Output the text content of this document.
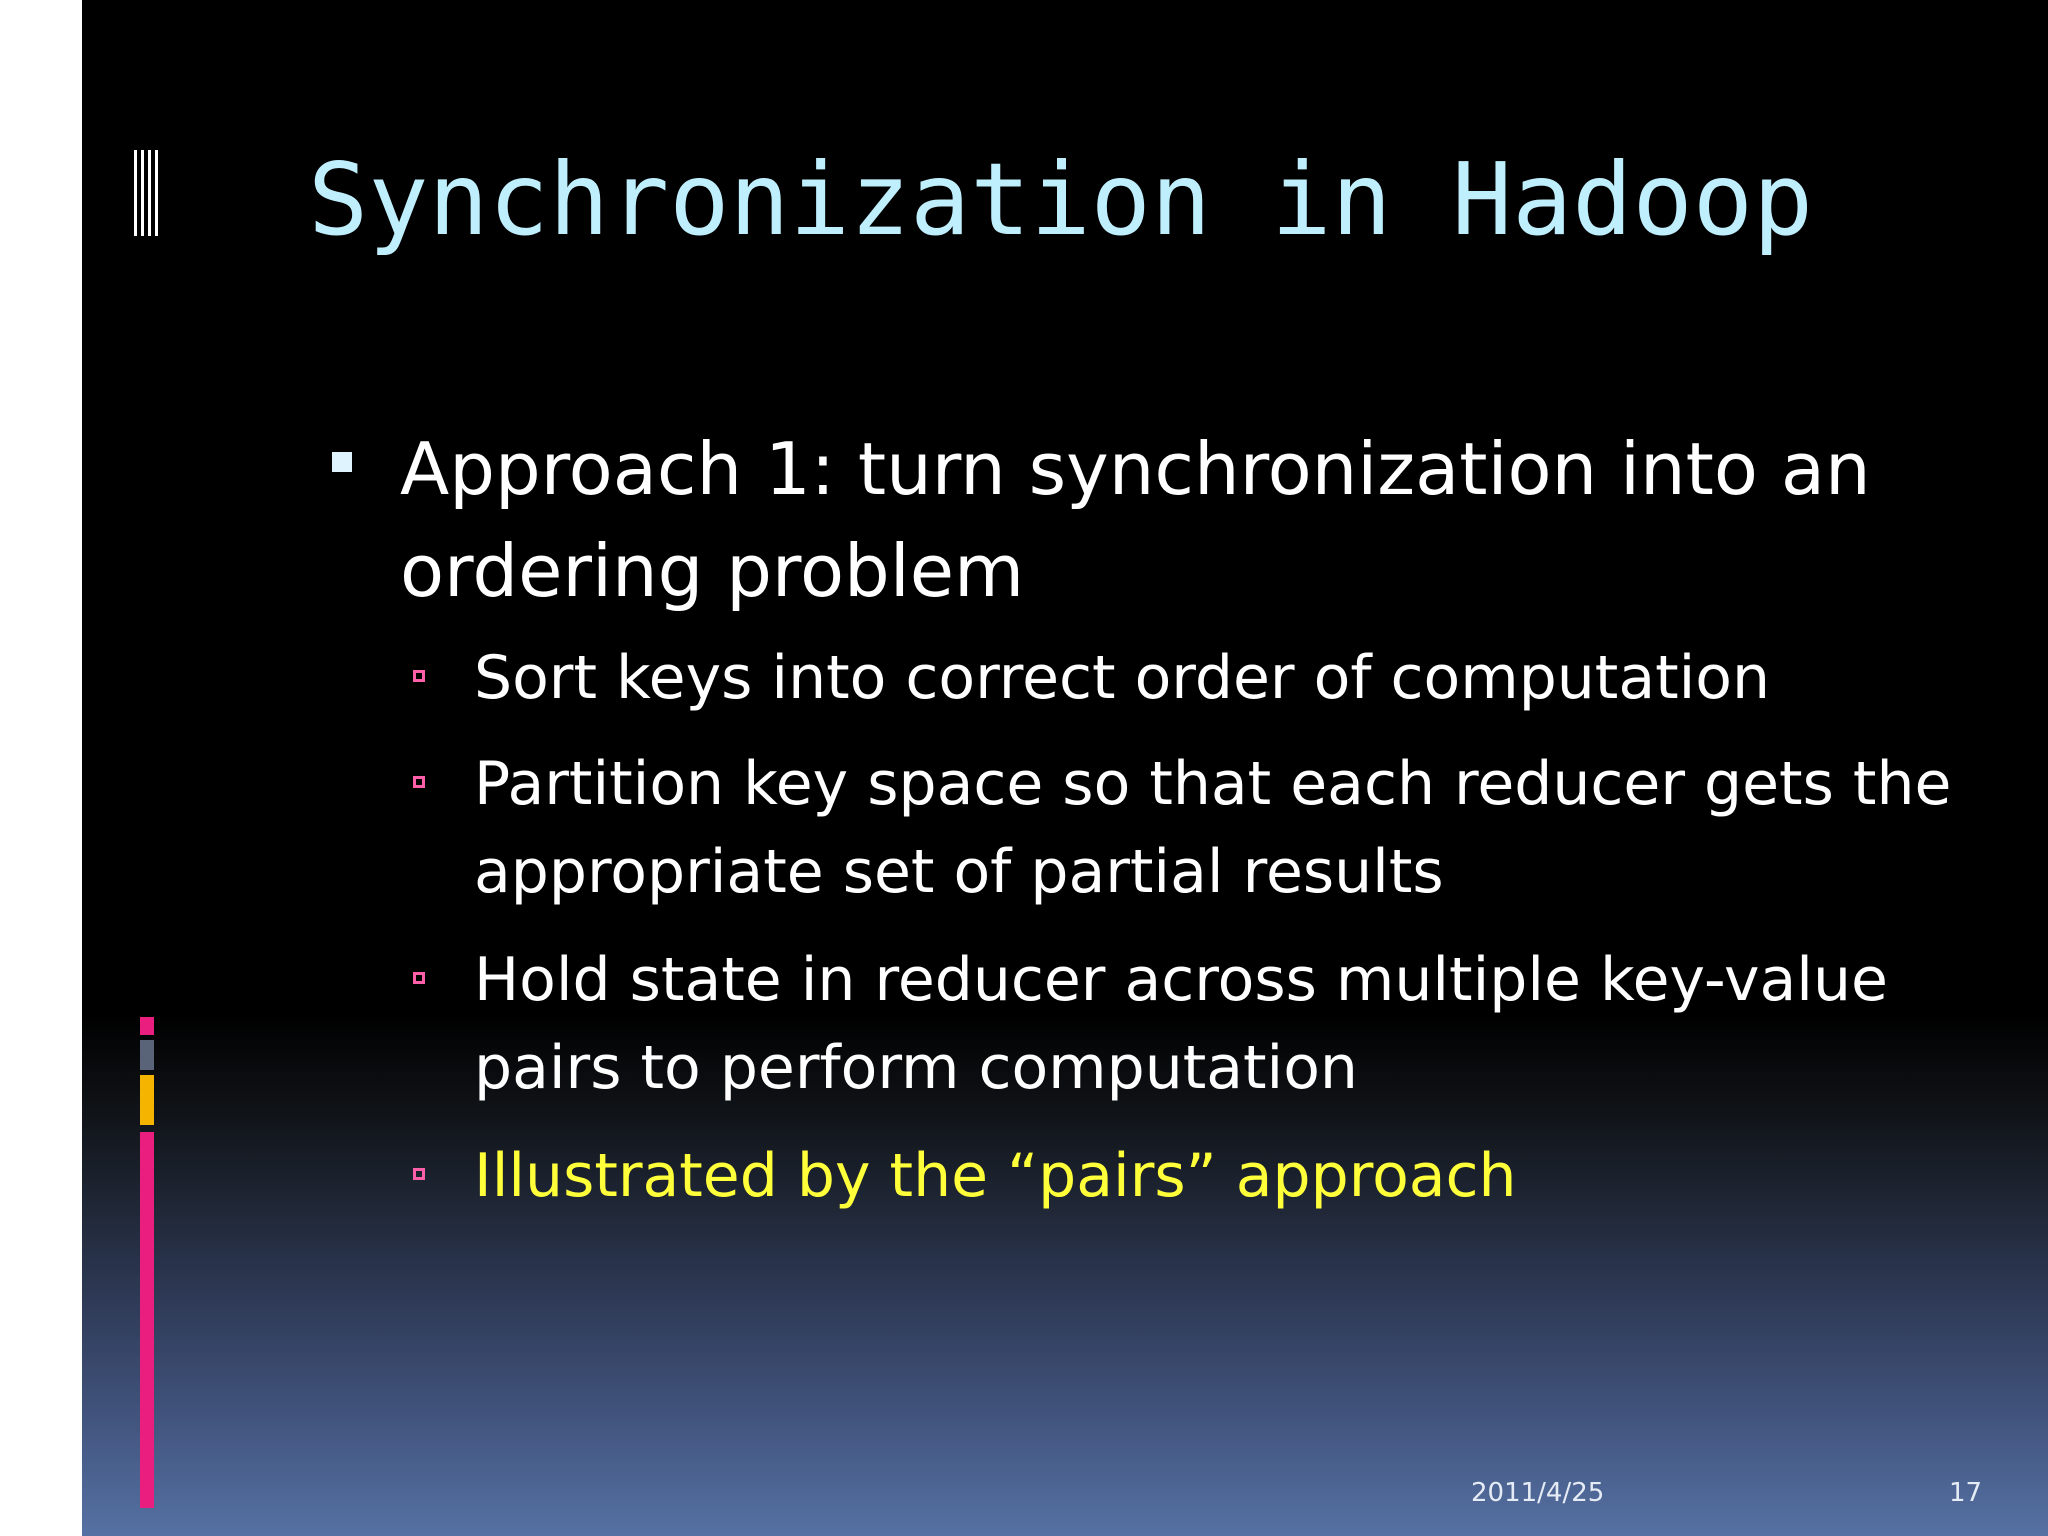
Synchronization in Hadoop
Approach 1: turn synchronization into an ordering problem
Sort keys into correct order of computation
Partition key space so that each reducer gets the appropriate set of partial results
Hold state in reducer across multiple key-value pairs to perform computation
Illustrated by the “pairs” approach
2011/4/25	17
